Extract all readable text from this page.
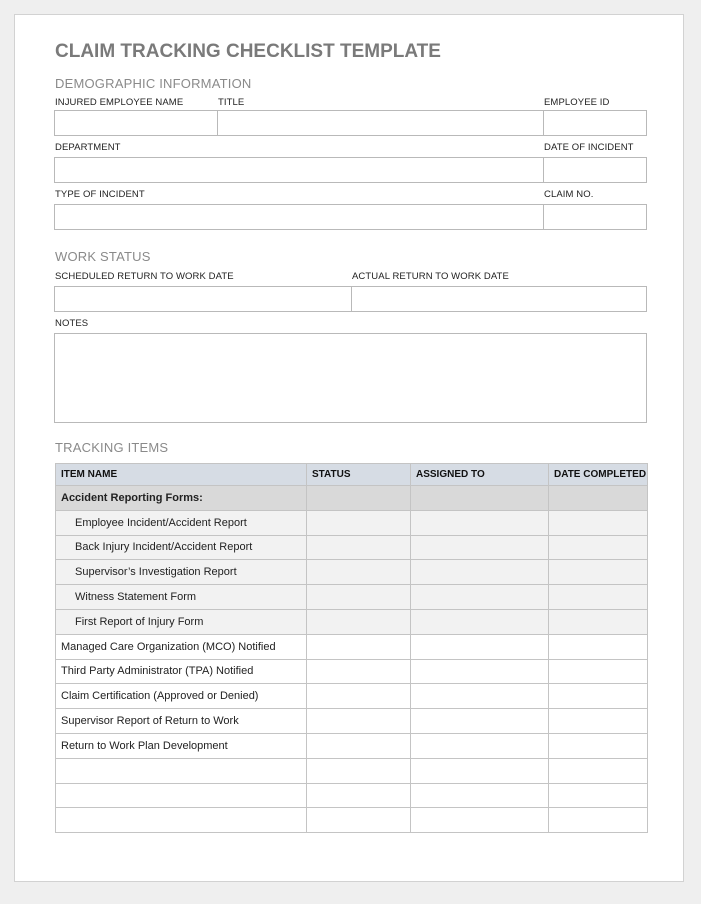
CLAIM TRACKING CHECKLIST TEMPLATE
DEMOGRAPHIC INFORMATION
INJURED EMPLOYEE NAME	TITLE	EMPLOYEE ID
DEPARTMENT	DATE OF INCIDENT
TYPE OF INCIDENT	CLAIM NO.
WORK STATUS
SCHEDULED RETURN TO WORK DATE	ACTUAL RETURN TO WORK DATE
NOTES
TRACKING ITEMS
ITEM NAME	STATUS	ASSIGNED TO	DATE COMPLETED
Accident Reporting Forms:			
Employee Incident/Accident Report			
Back Injury Incident/Accident Report			
Supervisor’s Investigation Report			
Witness Statement Form			
First Report of Injury Form			
Managed Care Organization (MCO) Notified			
Third Party Administrator (TPA) Notified			
Claim Certification (Approved or Denied)			
Supervisor Report of Return to Work			
Return to Work Plan Development			
